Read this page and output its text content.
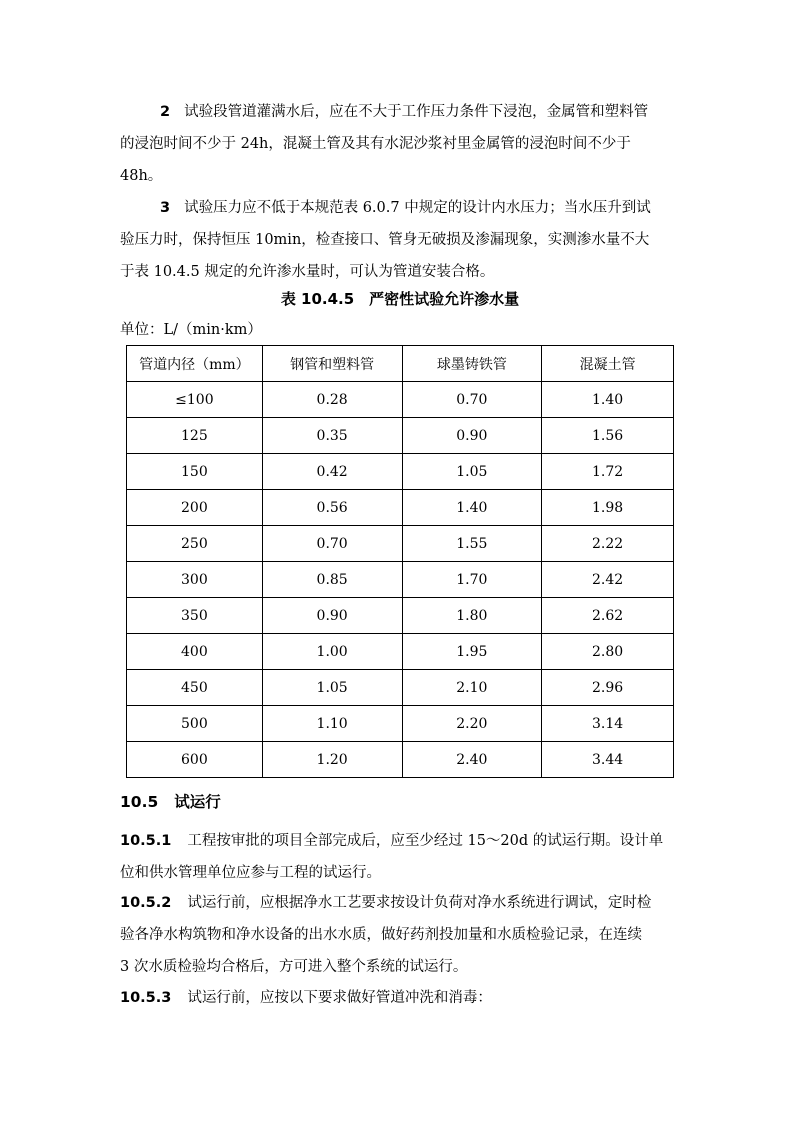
2 试验段管道灌满水后，应在不大于工作压力条件下浸泡，金属管和塑料管
的浸泡时间不少于 24h，混凝土管及其有水泥沙浆衬里金属管的浸泡时间不少于
48h。

3 试验压力应不低于本规范表 6.0.7 中规定的设计内水压力；当水压升到试
验压力时，保持恒压 10min，检查接口、管身无破损及渗漏现象，实测渗水量不大
于表 10.4.5 规定的允许渗水量时，可认为管道安装合格。

表 10.4.5　严密性试验允许渗水量

单位：L/（min·km）

管道内径（mm）	钢管和塑料管	球墨铸铁管	混凝土管
≤100	0.28	0.70	1.40
125	0.35	0.90	1.56
150	0.42	1.05	1.72
200	0.56	1.40	1.98
250	0.70	1.55	2.22
300	0.85	1.70	2.42
350	0.90	1.80	2.62
400	1.00	1.95	2.80
450	1.05	2.10	2.96
500	1.10	2.20	3.14
600	1.20	2.40	3.44

10.5 试运行

10.5.1 工程按审批的项目全部完成后，应至少经过 15～20d 的试运行期。设计单
位和供水管理单位应参与工程的试运行。

10.5.2 试运行前，应根据净水工艺要求按设计负荷对净水系统进行调试，定时检
验各净水构筑物和净水设备的出水水质，做好药剂投加量和水质检验记录，在连续
3 次水质检验均合格后，方可进入整个系统的试运行。

10.5.3 试运行前，应按以下要求做好管道冲洗和消毒：
